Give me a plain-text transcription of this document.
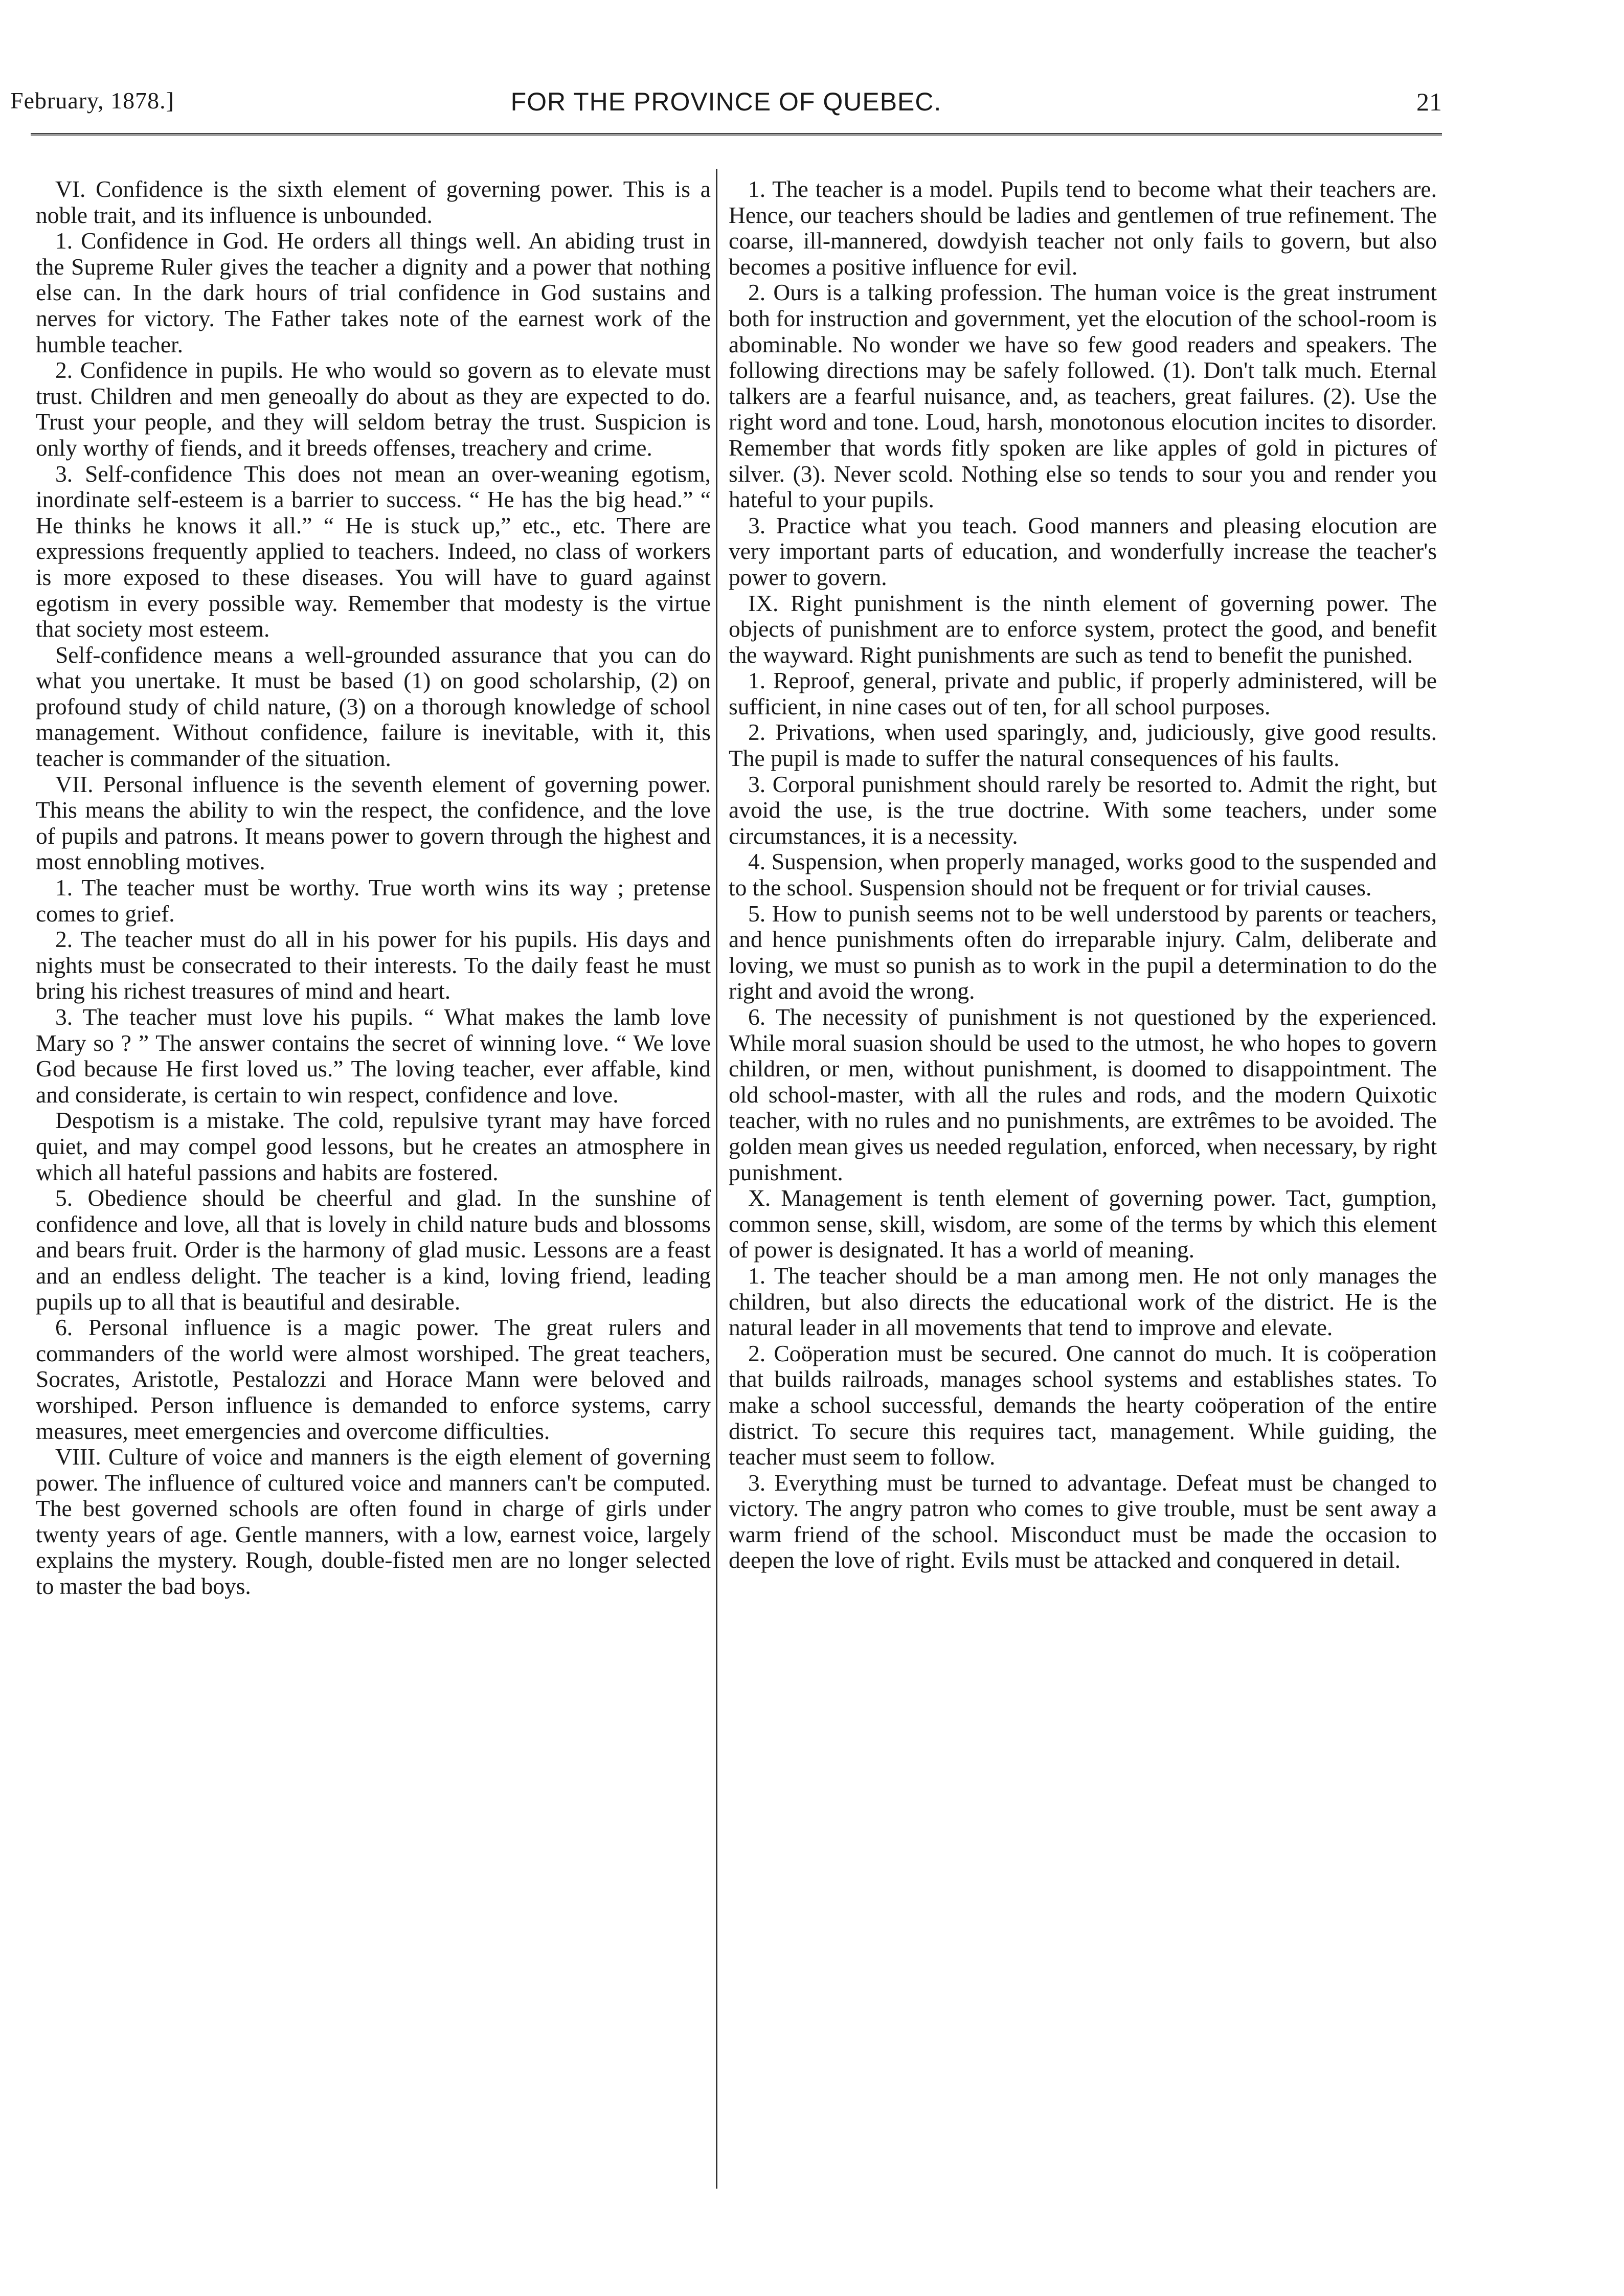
February, 1878.]	FOR THE PROVINCE OF QUEBEC.	21

VI. Confidence is the sixth element of governing power. This is a noble trait, and its influence is unbounded.

1. Confidence in God. He orders all things well. An abiding trust in the Supreme Ruler gives the teacher a dignity and a power that nothing else can. In the dark hours of trial confidence in God sustains and nerves for victory. The Father takes note of the earnest work of the humble teacher.

2. Confidence in pupils. He who would so govern as to elevate must trust. Children and men geneoally do about as they are expected to do. Trust your people, and they will seldom betray the trust. Suspicion is only worthy of fiends, and it breeds offenses, treachery and crime.

3. Self-confidence This does not mean an over-weaning egotism, inordinate self-esteem is a barrier to success. “ He has the big head.” “ He thinks he knows it all.” “ He is stuck up,” etc., etc. There are expressions frequently applied to teachers. Indeed, no class of workers is more exposed to these diseases. You will have to guard against egotism in every possible way. Remember that modesty is the virtue that society most esteem.

Self-confidence means a well-grounded assurance that you can do what you unertake. It must be based (1) on good scholarship, (2) on profound study of child nature, (3) on a thorough knowledge of school management. Without confidence, failure is inevitable, with it, this teacher is commander of the situation.

VII. Personal influence is the seventh element of governing power. This means the ability to win the respect, the confidence, and the love of pupils and patrons. It means power to govern through the highest and most ennobling motives.

1. The teacher must be worthy. True worth wins its way ; pretense comes to grief.

2. The teacher must do all in his power for his pupils. His days and nights must be consecrated to their interests. To the daily feast he must bring his richest treasures of mind and heart.

3. The teacher must love his pupils. “ What makes the lamb love Mary so ? ” The answer contains the secret of winning love. “ We love God because He first loved us.” The loving teacher, ever affable, kind and considerate, is certain to win respect, confidence and love.

Despotism is a mistake. The cold, repulsive tyrant may have forced quiet, and may compel good lessons, but he creates an atmosphere in which all hateful passions and habits are fostered.

5. Obedience should be cheerful and glad. In the sunshine of confidence and love, all that is lovely in child nature buds and blossoms and bears fruit. Order is the harmony of glad music. Lessons are a feast and an endless delight. The teacher is a kind, loving friend, leading pupils up to all that is beautiful and desirable.

6. Personal influence is a magic power. The great rulers and commanders of the world were almost worshiped. The great teachers, Socrates, Aristotle, Pestalozzi and Horace Mann were beloved and worshiped. Person influence is demanded to enforce systems, carry measures, meet emergencies and overcome difficulties.

VIII. Culture of voice and manners is the eigth element of governing power. The influence of cultured voice and manners can't be computed. The best governed schools are often found in charge of girls under twenty years of age. Gentle manners, with a low, earnest voice, largely explains the mystery. Rough, double-fisted men are no longer selected to master the bad boys.

1. The teacher is a model. Pupils tend to become what their teachers are. Hence, our teachers should be ladies and gentlemen of true refinement. The coarse, ill-mannered, dowdyish teacher not only fails to govern, but also becomes a positive influence for evil.

2. Ours is a talking profession. The human voice is the great instrument both for instruction and government, yet the elocution of the school-room is abominable. No wonder we have so few good readers and speakers. The following directions may be safely followed. (1). Don't talk much. Eternal talkers are a fearful nuisance, and, as teachers, great failures. (2). Use the right word and tone. Loud, harsh, monotonous elocution incites to disorder. Remember that words fitly spoken are like apples of gold in pictures of silver. (3). Never scold. Nothing else so tends to sour you and render you hateful to your pupils.

3. Practice what you teach. Good manners and pleasing elocution are very important parts of education, and wonderfully increase the teacher's power to govern.

IX. Right punishment is the ninth element of governing power. The objects of punishment are to enforce system, protect the good, and benefit the wayward. Right punishments are such as tend to benefit the punished.

1. Reproof, general, private and public, if properly administered, will be sufficient, in nine cases out of ten, for all school purposes.

2. Privations, when used sparingly, and, judiciously, give good results. The pupil is made to suffer the natural consequences of his faults.

3. Corporal punishment should rarely be resorted to. Admit the right, but avoid the use, is the true doctrine. With some teachers, under some circumstances, it is a necessity.

4. Suspension, when properly managed, works good to the suspended and to the school. Suspension should not be frequent or for trivial causes.

5. How to punish seems not to be well understood by parents or teachers, and hence punishments often do irreparable injury. Calm, deliberate and loving, we must so punish as to work in the pupil a determination to do the right and avoid the wrong.

6. The necessity of punishment is not questioned by the experienced. While moral suasion should be used to the utmost, he who hopes to govern children, or men, without punishment, is doomed to disappointment. The old school-master, with all the rules and rods, and the modern Quixotic teacher, with no rules and no punishments, are extrêmes to be avoided. The golden mean gives us needed regulation, enforced, when necessary, by right punishment.

X. Management is tenth element of governing power. Tact, gumption, common sense, skill, wisdom, are some of the terms by which this element of power is designated. It has a world of meaning.

1. The teacher should be a man among men. He not only manages the children, but also directs the educational work of the district. He is the natural leader in all movements that tend to improve and elevate.

2. Coöperation must be secured. One cannot do much. It is coöperation that builds railroads, manages school systems and establishes states. To make a school successful, demands the hearty coöperation of the entire district. To secure this requires tact, management. While guiding, the teacher must seem to follow.

3. Everything must be turned to advantage. Defeat must be changed to victory. The angry patron who comes to give trouble, must be sent away a warm friend of the school. Misconduct must be made the occasion to deepen the love of right. Evils must be attacked and conquered in detail.
